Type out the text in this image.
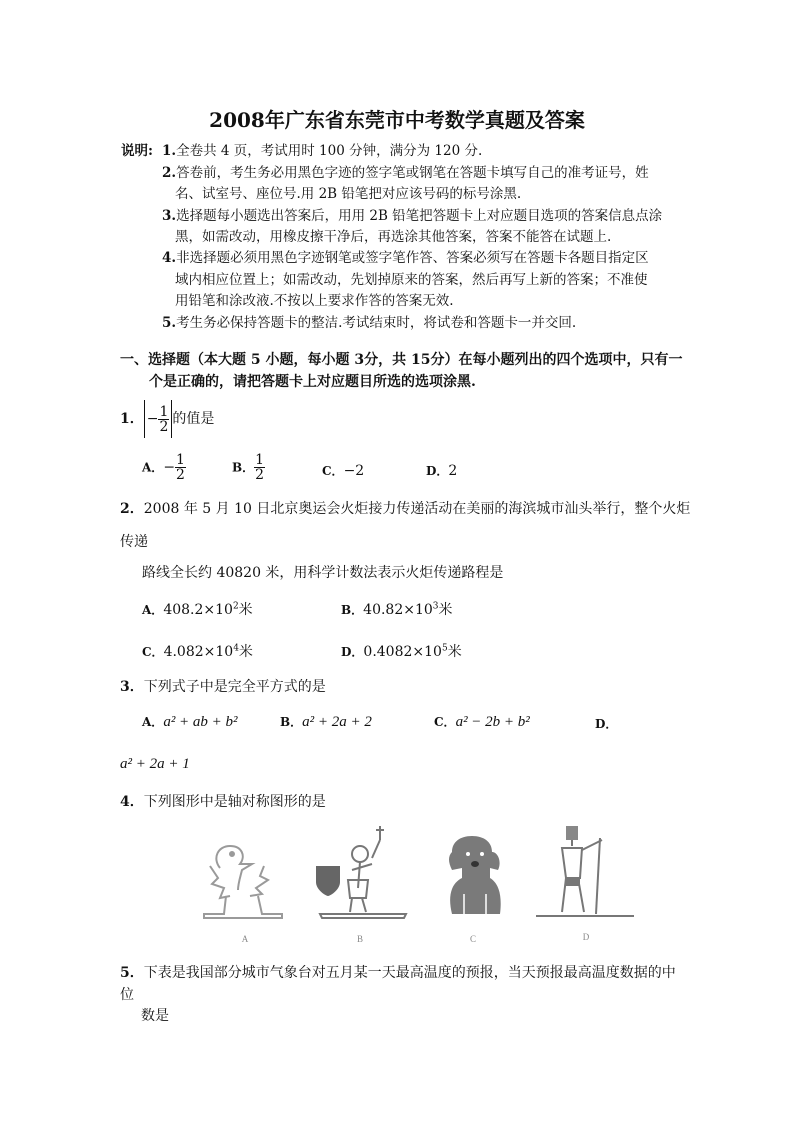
2008年广东省东莞市中考数学真题及答案
说明: 1.全卷共 4 页，考试用时 100 分钟，满分为 120 分.
2.答卷前，考生务必用黑色字迹的签字笔或钢笔在答题卡填写自己的准考证号，姓
名、试室号、座位号.用 2B 铅笔把对应该号码的标号涂黑.
3.选择题每小题选出答案后，用用 2B 铅笔把答题卡上对应题目选项的答案信息点涂
黑，如需改动，用橡皮擦干净后，再选涂其他答案，答案不能答在试题上.
4.非选择题必须用黑色字迹钢笔或签字笔作答、答案必须写在答题卡各题目指定区
域内相应位置上；如需改动，先划掉原来的答案，然后再写上新的答案；不准使
用铅笔和涂改液.不按以上要求作答的答案无效.
5.考生务必保持答题卡的整洁.考试结束时，将试卷和答题卡一并交回.
一、选择题（本大题 5 小题，每小题 3分，共 15分）在每小题列出的四个选项中，只有一
个是正确的，请把答题卡上对应题目所选的选项涂黑.
1． − $\frac{1}{2}$ 的值是
A．− $\frac{1}{2}$	B． $\frac{1}{2}$	C．−2	D．2
2．2008 年 5 月 10 日北京奥运会火炬接力传递活动在美丽的海滨城市汕头举行，整个火炬
传递
路线全长约 40820 米，用科学计数法表示火炬传递路程是
A．$408.2\times 10^2$米	B．$40.82\times 10^3$米
C．$4.082\times 10^4$米	D．$0.4082\times 10^5$米
3．下列式子中是完全平方式的是
A．a² + ab + b²	B．a² + 2a + 2	C．a² − 2b + b²	D．
a² + 2a + 1
4．下列图形中是轴对称图形的是
A	B	C	D
5．下表是我国部分城市气象台对五月某一天最高温度的预报，当天预报最高温度数据的中
位
数是
